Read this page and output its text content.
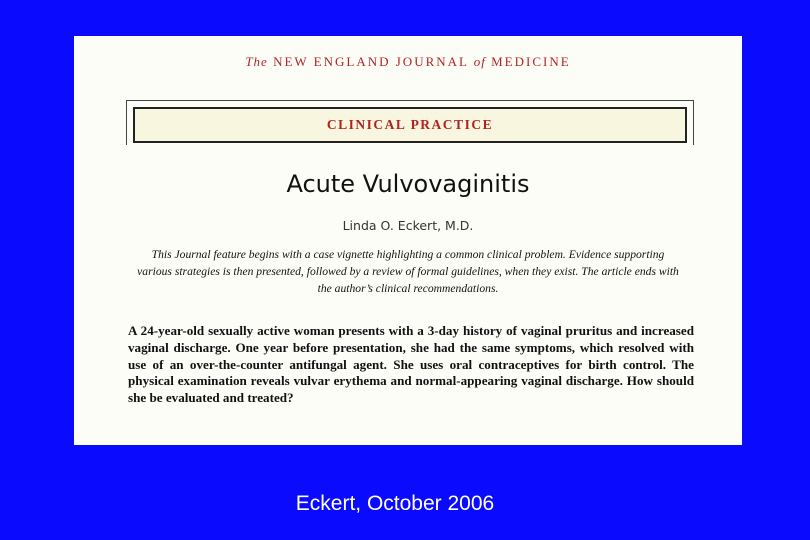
The NEW ENGLAND JOURNAL of MEDICINE
CLINICAL PRACTICE
Acute Vulvovaginitis
Linda O. Eckert, M.D.
This Journal feature begins with a case vignette highlighting a common clinical problem. Evidence supporting various strategies is then presented, followed by a review of formal guidelines, when they exist. The article ends with the author’s clinical recommendations.
A 24-year-old sexually active woman presents with a 3-day history of vaginal pruritus and increased vaginal discharge. One year before presentation, she had the same symptoms, which resolved with use of an over-the-counter antifungal agent. She uses oral contraceptives for birth control. The physical examination reveals vulvar erythema and normal-appearing vaginal discharge. How should she be evaluated and treated?
Eckert, October 2006
